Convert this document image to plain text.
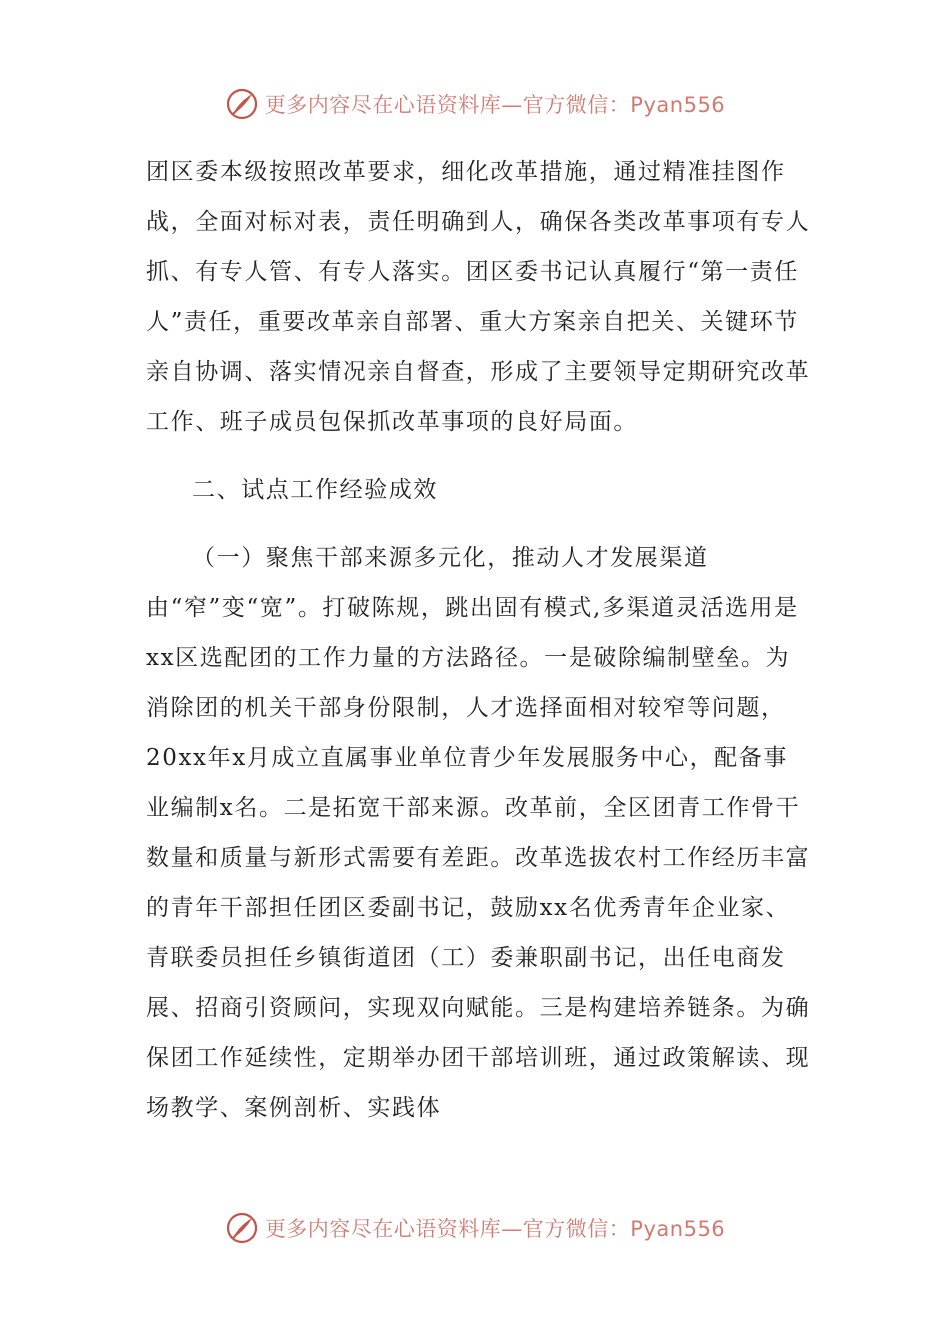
更多内容尽在心语资料库—官方微信：Pyan556

团区委本级按照改革要求，细化改革措施，通过精准挂图作战，全面对标对表，责任明确到人，确保各类改革事项有专人抓、有专人管、有专人落实。团区委书记认真履行“第一责任人”责任，重要改革亲自部署、重大方案亲自把关、关键环节亲自协调、落实情况亲自督查，形成了主要领导定期研究改革工作、班子成员包保抓改革事项的良好局面。

二、试点工作经验成效

（一）聚焦干部来源多元化，推动人才发展渠道由“窄”变“宽”。打破陈规，跳出固有模式,多渠道灵活选用是xx区选配团的工作力量的方法路径。一是破除编制壁垒。为消除团的机关干部身份限制，人才选择面相对较窄等问题，20xx年x月成立直属事业单位青少年发展服务中心，配备事业编制x名。二是拓宽干部来源。改革前，全区团青工作骨干数量和质量与新形式需要有差距。改革选拔农村工作经历丰富的青年干部担任团区委副书记，鼓励xx名优秀青年企业家、青联委员担任乡镇街道团（工）委兼职副书记，出任电商发展、招商引资顾问，实现双向赋能。三是构建培养链条。为确保团工作延续性，定期举办团干部培训班，通过政策解读、现场教学、案例剖析、实践体

更多内容尽在心语资料库—官方微信：Pyan556
